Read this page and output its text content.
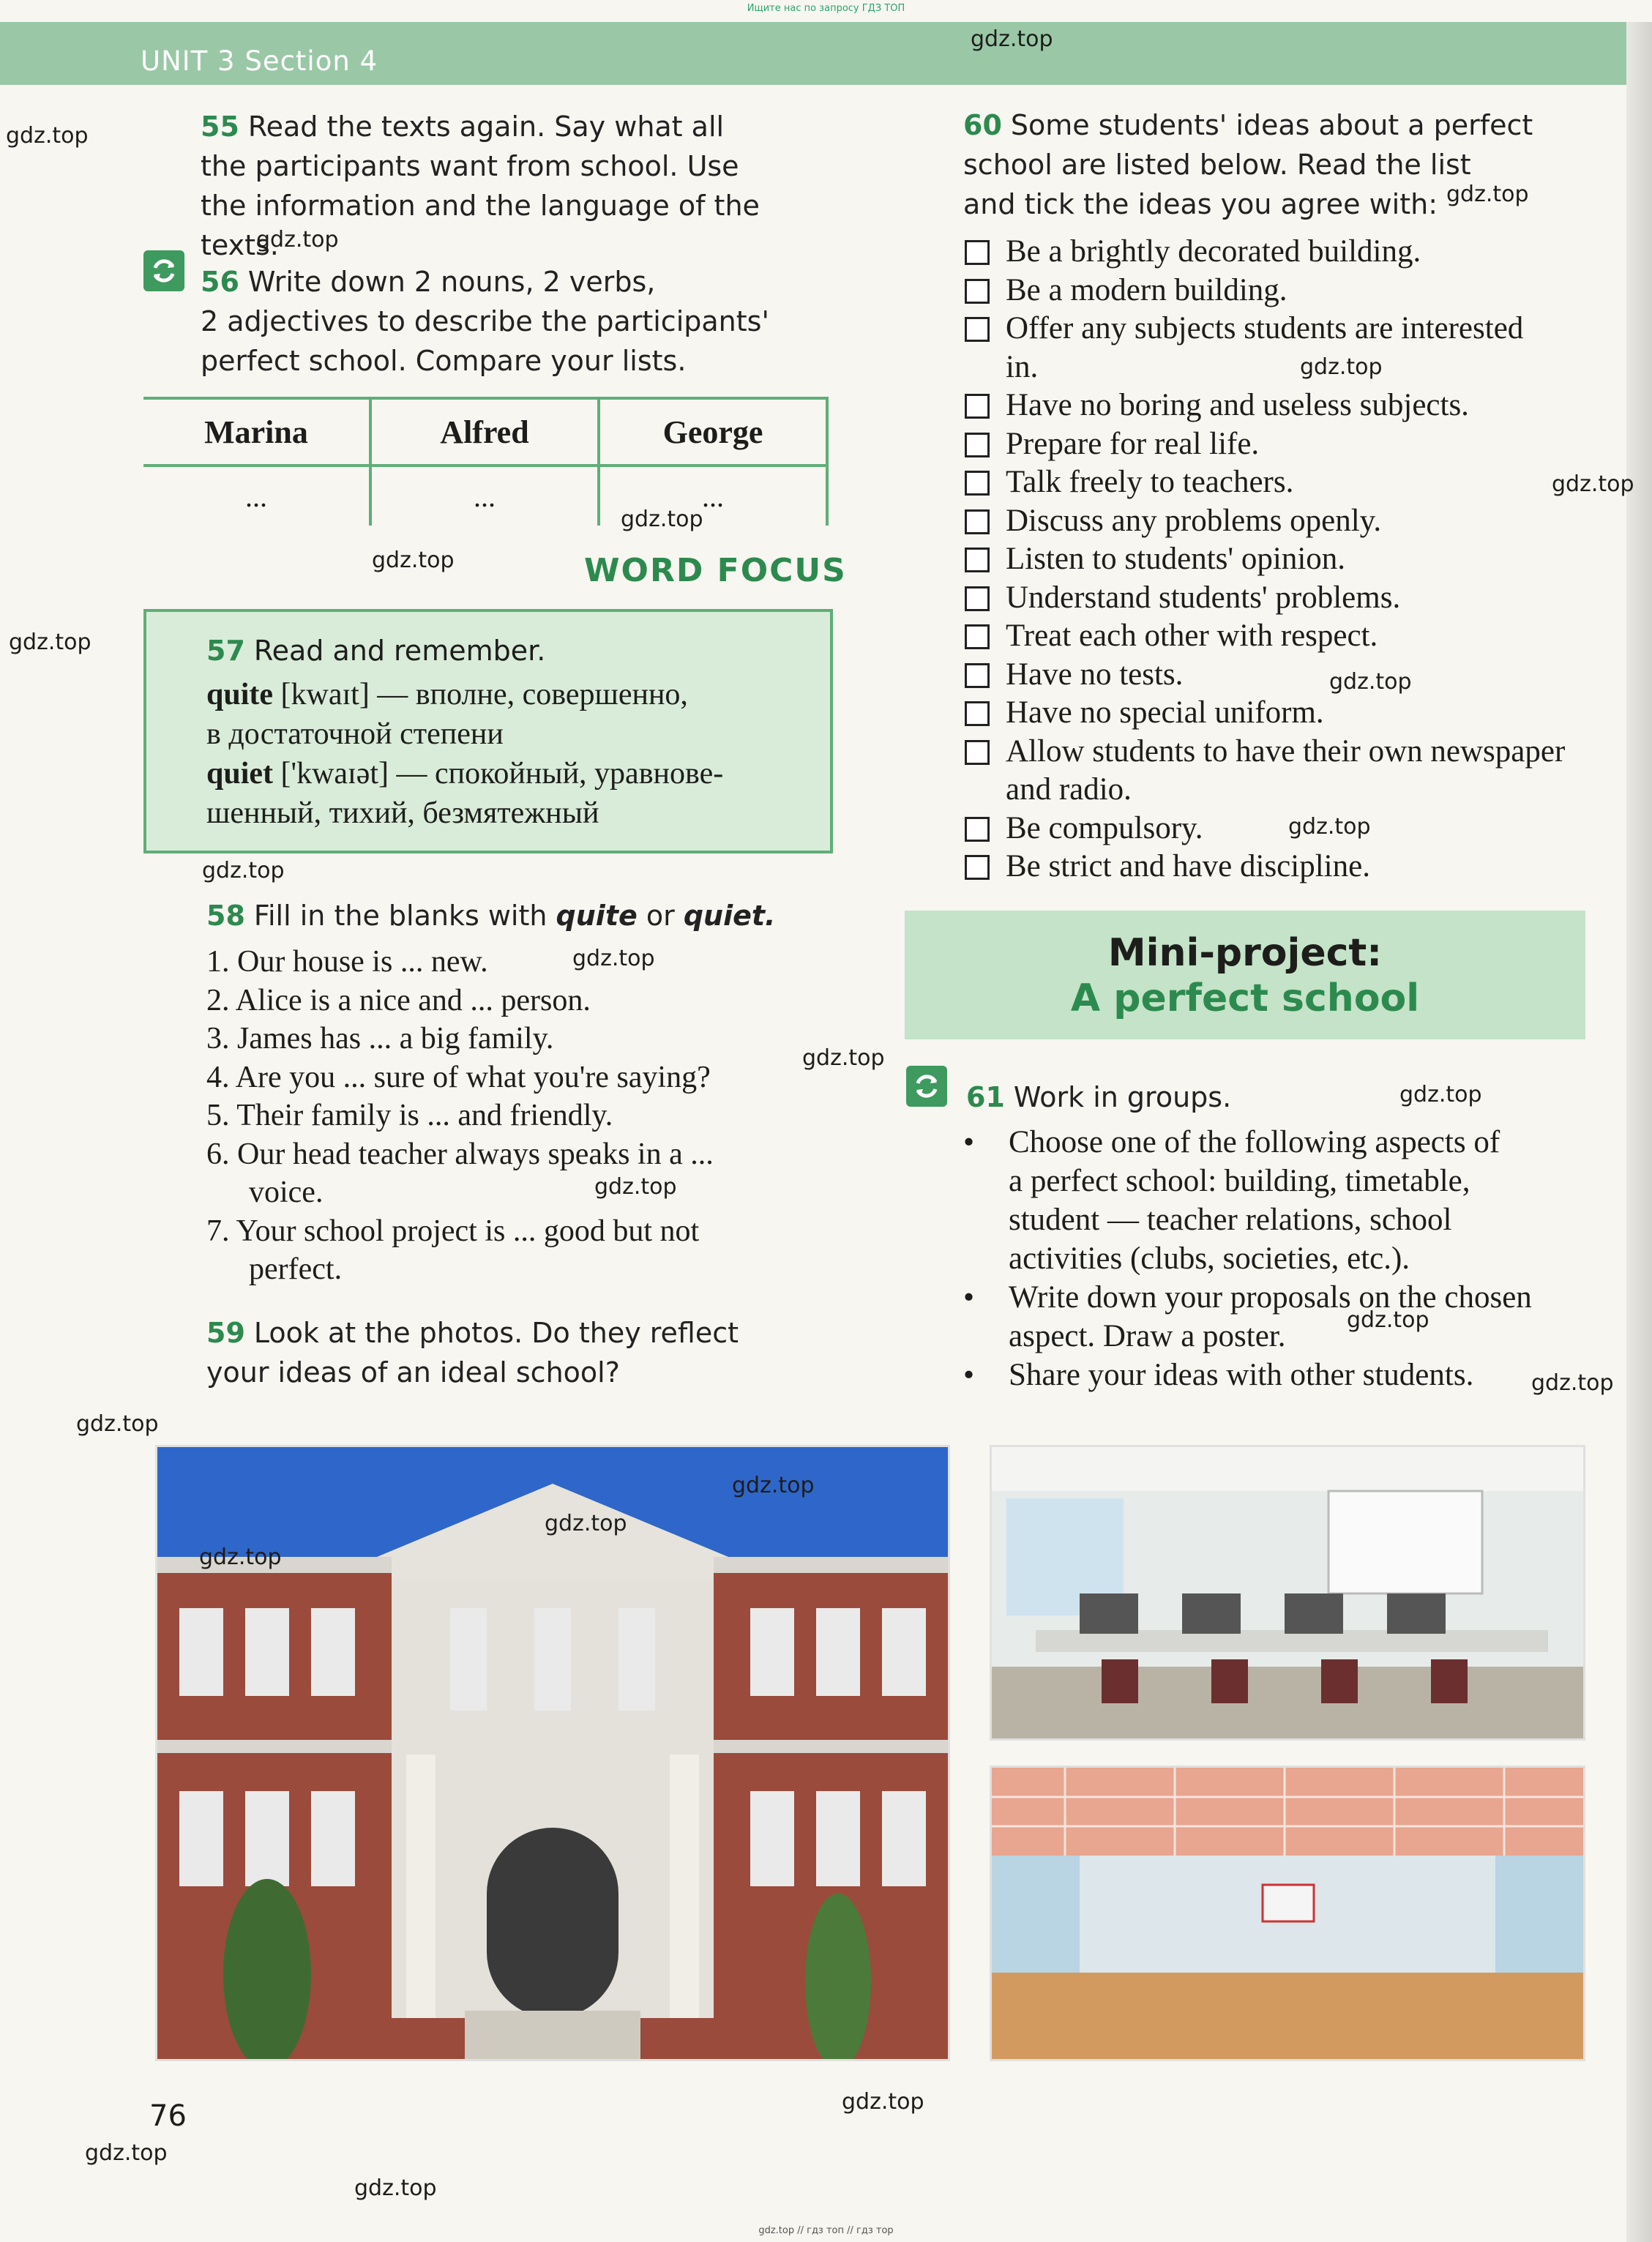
Ищите нас по запросу ГДЗ ТОП
UNIT 3 Section 4
55 Read the texts again. Say what all
the participants want from school. Use
the information and the language of the texts.
56 Write down 2 nouns, 2 verbs,
2 adjectives to describe the participants'
perfect school. Compare your lists.
Marina	Alfred	George
...	...	...
WORD FOCUS
57 Read and remember.
quite [kwaɪt] — вполне, совершенно,
в достаточной степени
quiet ['kwaɪət] — спокойный, уравнове-
шенный, тихий, безмятежный
58 Fill in the blanks with quite or quiet.
1. Our house is ... new.
2. Alice is a nice and ... person.
3. James has ... a big family.
4. Are you ... sure of what you're saying?
5. Their family is ... and friendly.
6. Our head teacher always speaks in a ...
voice.
7. Your school project is ... good but not
perfect.
59 Look at the photos. Do they reflect
your ideas of an ideal school?
60 Some students' ideas about a perfect
school are listed below. Read the list
and tick the ideas you agree with:
Be a brightly decorated building.
Be a modern building.
Offer any subjects students are interested
in.
Have no boring and useless subjects.
Prepare for real life.
Talk freely to teachers.
Discuss any problems openly.
Listen to students' opinion.
Understand students' problems.
Treat each other with respect.
Have no tests.
Have no special uniform.
Allow students to have their own newspaper
and radio.
Be compulsory.
Be strict and have discipline.
Mini-project:
A perfect school
61 Work in groups.
• Choose one of the following aspects of
a perfect school: building, timetable,
student — teacher relations, school
activities (clubs, societies, etc.).
• Write down your proposals on the chosen
aspect. Draw a poster.
• Share your ideas with other students.
76
gdz.top
gdz.top
gdz.top
gdz.top
gdz.top
gdz.top
gdz.top
gdz.top
gdz.top
gdz.top
gdz.top
gdz.top
gdz.top
gdz.top
gdz.top
gdz.top
gdz.top
gdz.top
gdz.top
gdz.top
gdz.top
gdz.top
gdz.top
gdz.top
gdz.top
gdz.top // гдз топ // гдз тор
